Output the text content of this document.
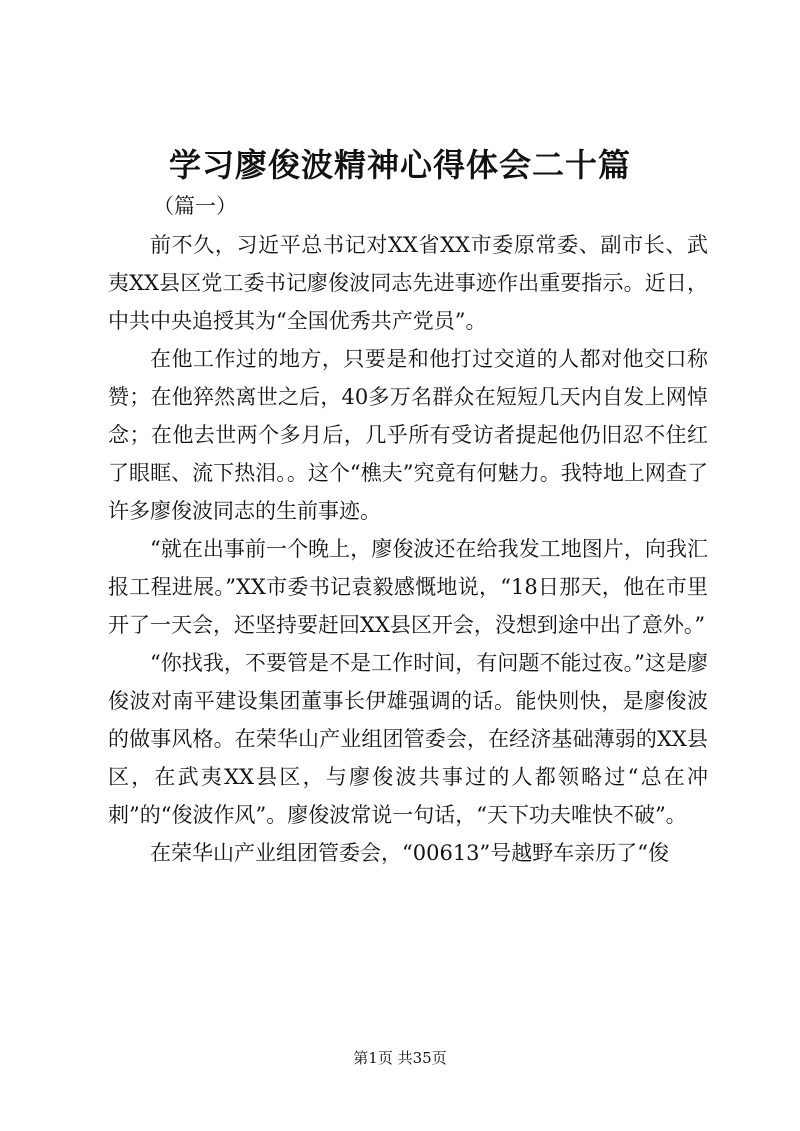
学习廖俊波精神心得体会二十篇
（篇一）

前不久，习近平总书记对XX省XX市委原常委、副市长、武夷XX县区党工委书记廖俊波同志先进事迹作出重要指示。近日，中共中央追授其为“全国优秀共产党员”。

在他工作过的地方，只要是和他打过交道的人都对他交口称赞；在他猝然离世之后，40多万名群众在短短几天内自发上网悼念；在他去世两个多月后，几乎所有受访者提起他仍旧忍不住红了眼眶、流下热泪。。这个“樵夫”究竟有何魅力。我特地上网查了许多廖俊波同志的生前事迹。

“就在出事前一个晚上，廖俊波还在给我发工地图片，向我汇报工程进展。”XX市委书记袁毅感慨地说，“18日那天，他在市里开了一天会，还坚持要赶回XX县区开会，没想到途中出了意外。”

“你找我，不要管是不是工作时间，有问题不能过夜。”这是廖俊波对南平建设集团董事长伊雄强调的话。能快则快，是廖俊波的做事风格。在荣华山产业组团管委会，在经济基础薄弱的XX县区，在武夷XX县区，与廖俊波共事过的人都领略过“总在冲刺”的“俊波作风”。廖俊波常说一句话，“天下功夫唯快不破”。

在荣华山产业组团管委会，“00613”号越野车亲历了“俊

第1页 共35页
